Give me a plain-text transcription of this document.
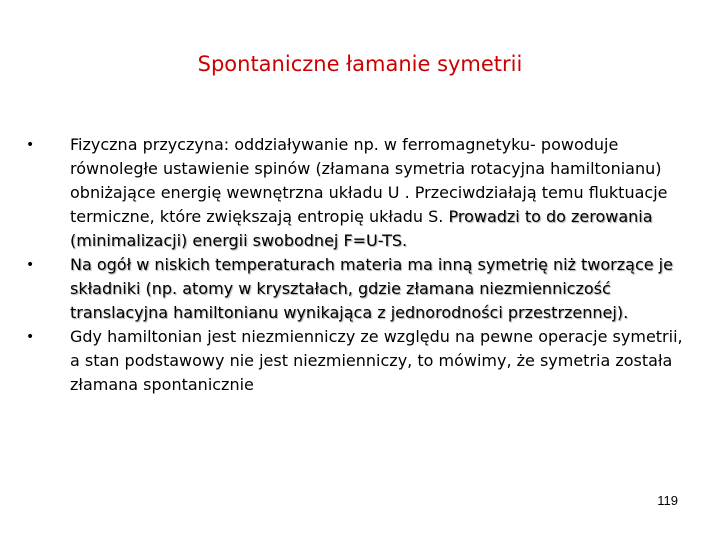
Spontaniczne łamanie symetrii
•	Fizyczna przyczyna: oddziaływanie np. w ferromagnetyku- powoduje równoległe ustawienie spinów (złamana symetria rotacyjna hamiltonianu) obniżające energię wewnętrzna układu U . Przeciwdziałają temu fluktuacje termiczne, które zwiększają entropię układu S. Prowadzi to do zerowania (minimalizacji) energii swobodnej F=U-TS.
•	Na ogół w niskich temperaturach materia ma inną symetrię niż tworzące je składniki (np. atomy w kryształach, gdzie złamana niezmienniczość translacyjna hamiltonianu wynikająca z jednorodności przestrzennej).
•	Gdy hamiltonian jest niezmienniczy ze względu na pewne operacje symetrii, a stan podstawowy nie jest niezmienniczy, to mówimy, że symetria została złamana spontanicznie
119
